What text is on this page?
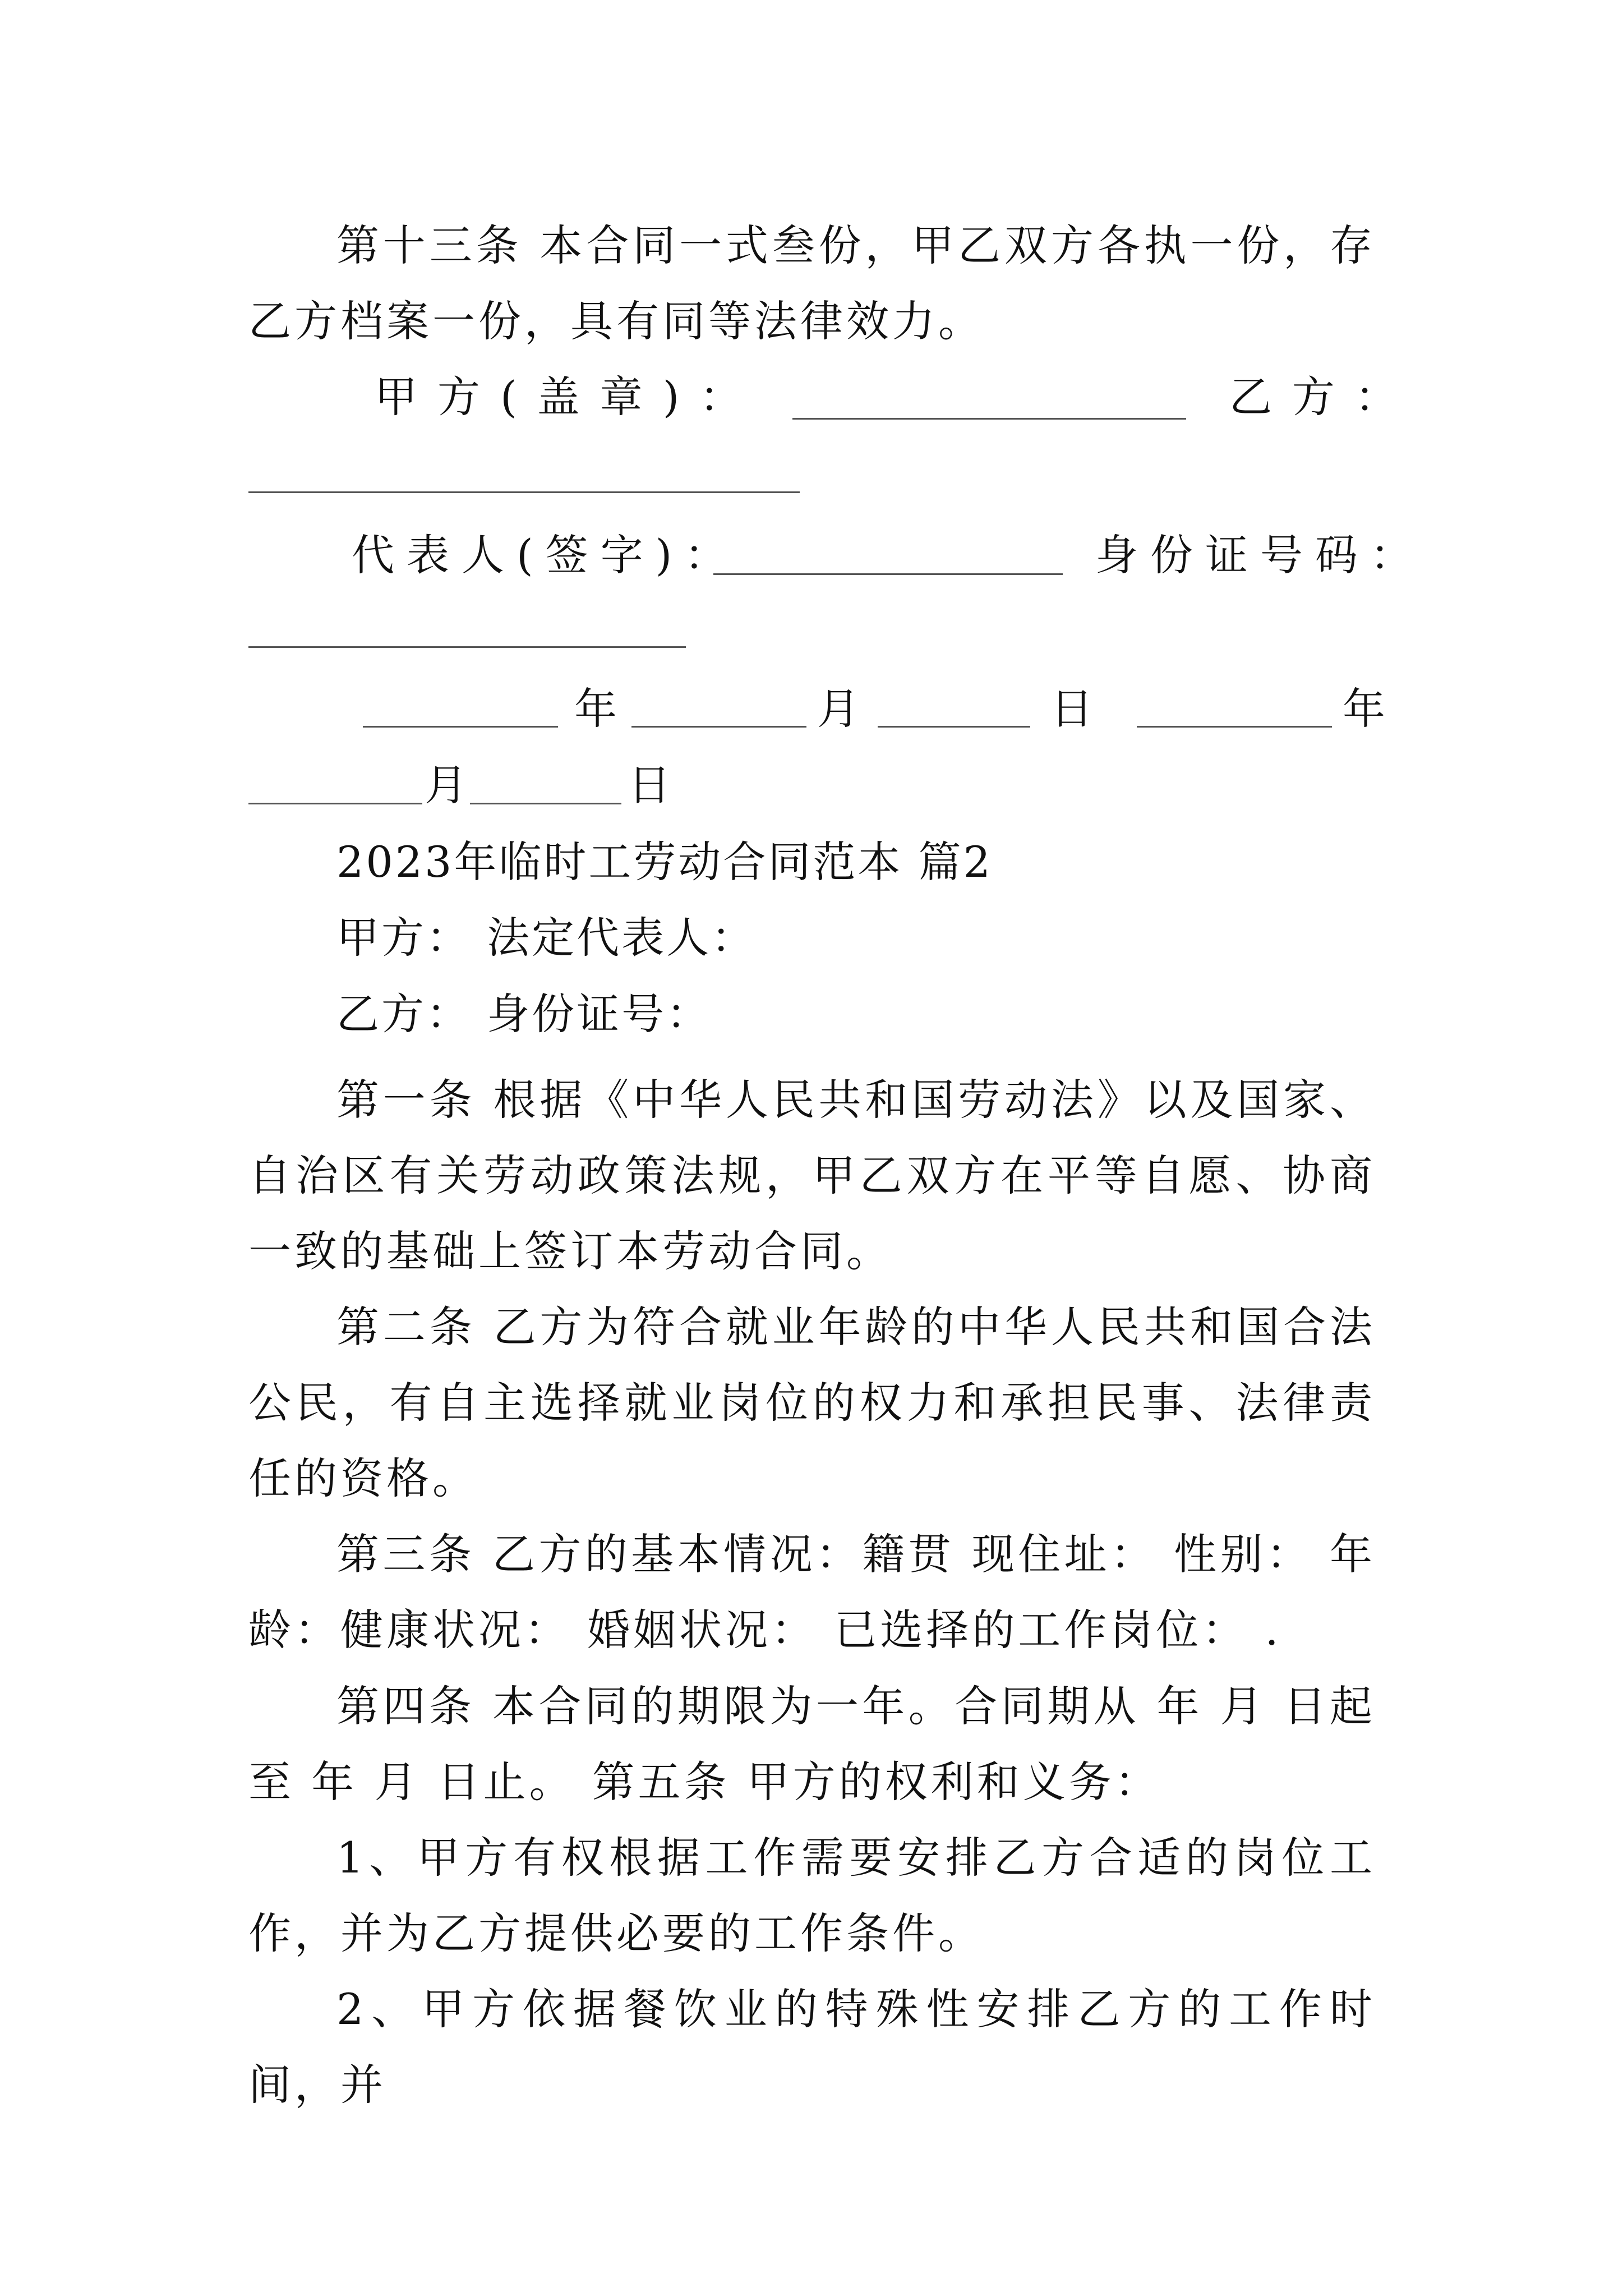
第十三条 本合同一式叁份，甲乙双方各执一份，存乙方档案一份，具有同等法律效力。
甲方(盖章)：	乙方：
代表人(签字)：	身份证号码：
年	月	日	年
月	日
2023年临时工劳动合同范本 篇2
甲方： 法定代表人：
乙方： 身份证号：
第一条 根据《中华人民共和国劳动法》以及国家、自治区有关劳动政策法规，甲乙双方在平等自愿、协商一致的基础上签订本劳动合同。
第二条 乙方为符合就业年龄的中华人民共和国合法公民，有自主选择就业岗位的权力和承担民事、法律责任的资格。
第三条 乙方的基本情况：籍贯 现住址： 性别： 年龄：健康状况： 婚姻状况： 已选择的工作岗位： .
第四条 本合同的期限为一年。合同期从 年 月 日起至 年 月 日止。 第五条 甲方的权利和义务：
1、甲方有权根据工作需要安排乙方合适的岗位工作，并为乙方提供必要的工作条件。
2、甲方依据餐饮业的特殊性安排乙方的工作时间，并
